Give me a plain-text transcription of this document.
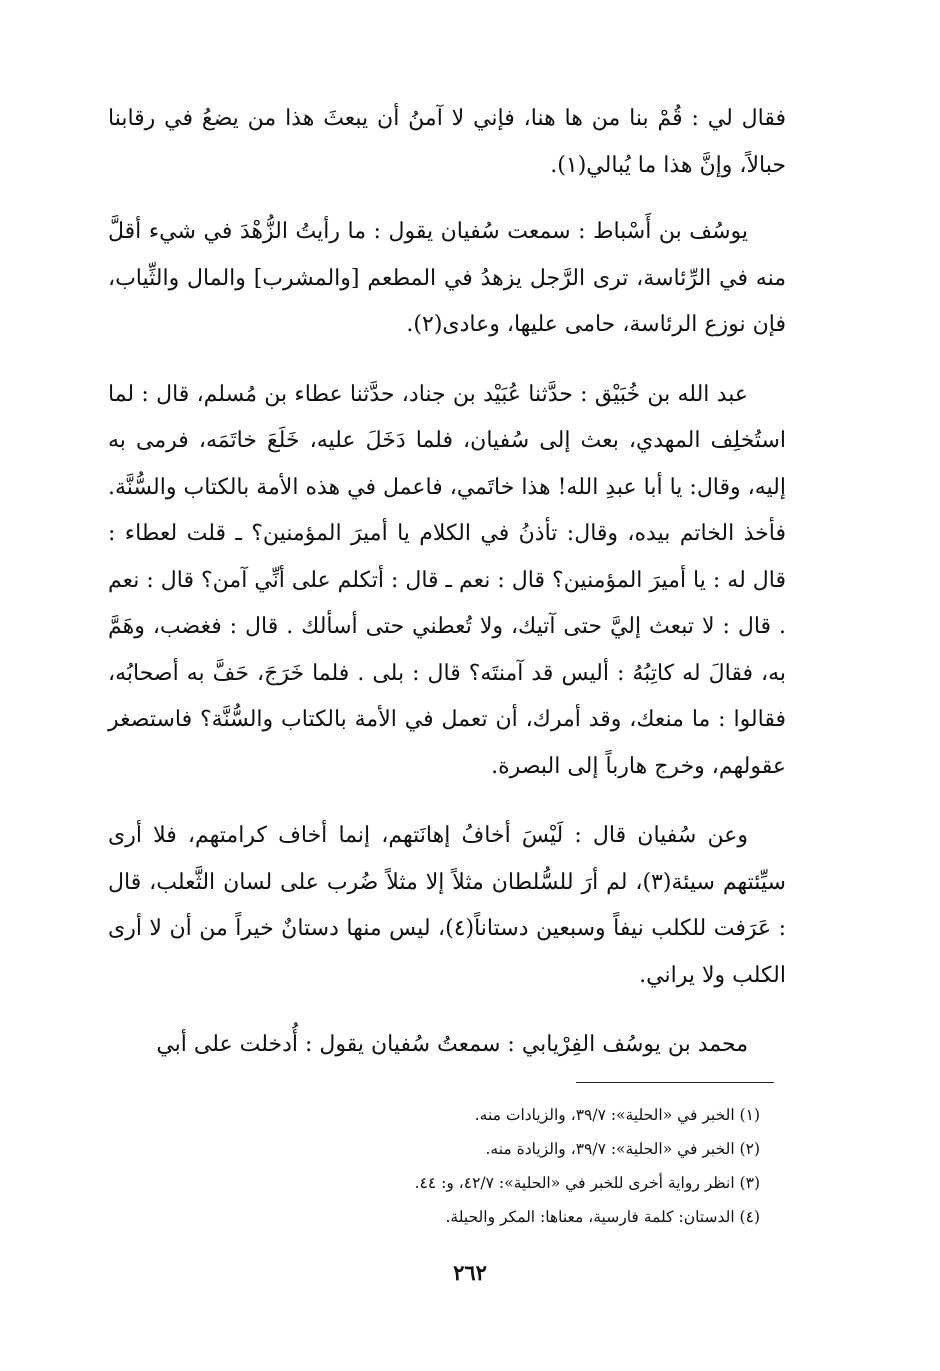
فقال لي : قُمْ بنا من ها هنا، فإني لا آمنُ أن يبعثَ هذا من يضعُ في رقابنا حبالاً، وإنَّ هذا ما يُبالي(١).

يوسُف بن أَسْباط : سمعت سُفيان يقول : ما رأيتُ الزُّهْدَ في شيء أقلَّ منه في الرِّئاسة، ترى الرَّجل يزهدُ في المطعم [والمشرب] والمال والثِّياب، فإن نوزع الرئاسة، حامى عليها، وعادى(٢).

عبد الله بن خُبَيْق : حدَّثنا عُبَيْد بن جناد، حدَّثنا عطاء بن مُسلم، قال : لما استُخلِف المهدي، بعث إلى سُفيان، فلما دَخَلَ عليه، خَلَعَ خاتَمَه، فرمى به إليه، وقال: يا أبا عبدِ الله! هذا خاتَمي، فاعمل في هذه الأمة بالكتاب والسُّنَّة. فأخذ الخاتم بيده، وقال: تأذنُ في الكلام يا أميرَ المؤمنين؟ ـ قلت لعطاء : قال له : يا أميرَ المؤمنين؟ قال : نعم ـ قال : أتكلم على أنِّي آمن؟ قال : نعم . قال : لا تبعث إليَّ حتى آتيك، ولا تُعطني حتى أسألك . قال : فغضب، وهَمَّ به، فقالَ له كاتِبُهُ : أليس قد آمنتَه؟ قال : بلى . فلما خَرَجَ، حَفَّ به أصحابُه، فقالوا : ما منعك، وقد أمرك، أن تعمل في الأمة بالكتاب والسُّنَّة؟ فاستصغر عقولهم، وخرج هارباً إلى البصرة.

وعن سُفيان قال : لَيْسَ أخافُ إهانَتهم، إنما أخاف كرامتهم، فلا أرى سيِّئتهم سيئة(٣)، لم أرَ للسُّلطان مثلاً إلا مثلاً ضُرب على لسان الثَّعلب، قال : عَرَفت للكلب نيفاً وسبعين دستاناً(٤)، ليس منها دستانٌ خيراً من أن لا أرى الكلب ولا يراني.

محمد بن يوسُف الفِرْيابي : سمعتُ سُفيان يقول : أُدخلت على أبي

(١) الخبر في «الحلية»: ٣٩/٧، والزيادات منه.

(٢) الخبر في «الحلية»: ٣٩/٧، والزيادة منه.

(٣) انظر رواية أخرى للخبر في «الحلية»: ٤٢/٧، و: ٤٤.

(٤) الدستان: كلمة فارسية، معناها: المكر والحيلة.

٢٦٢
